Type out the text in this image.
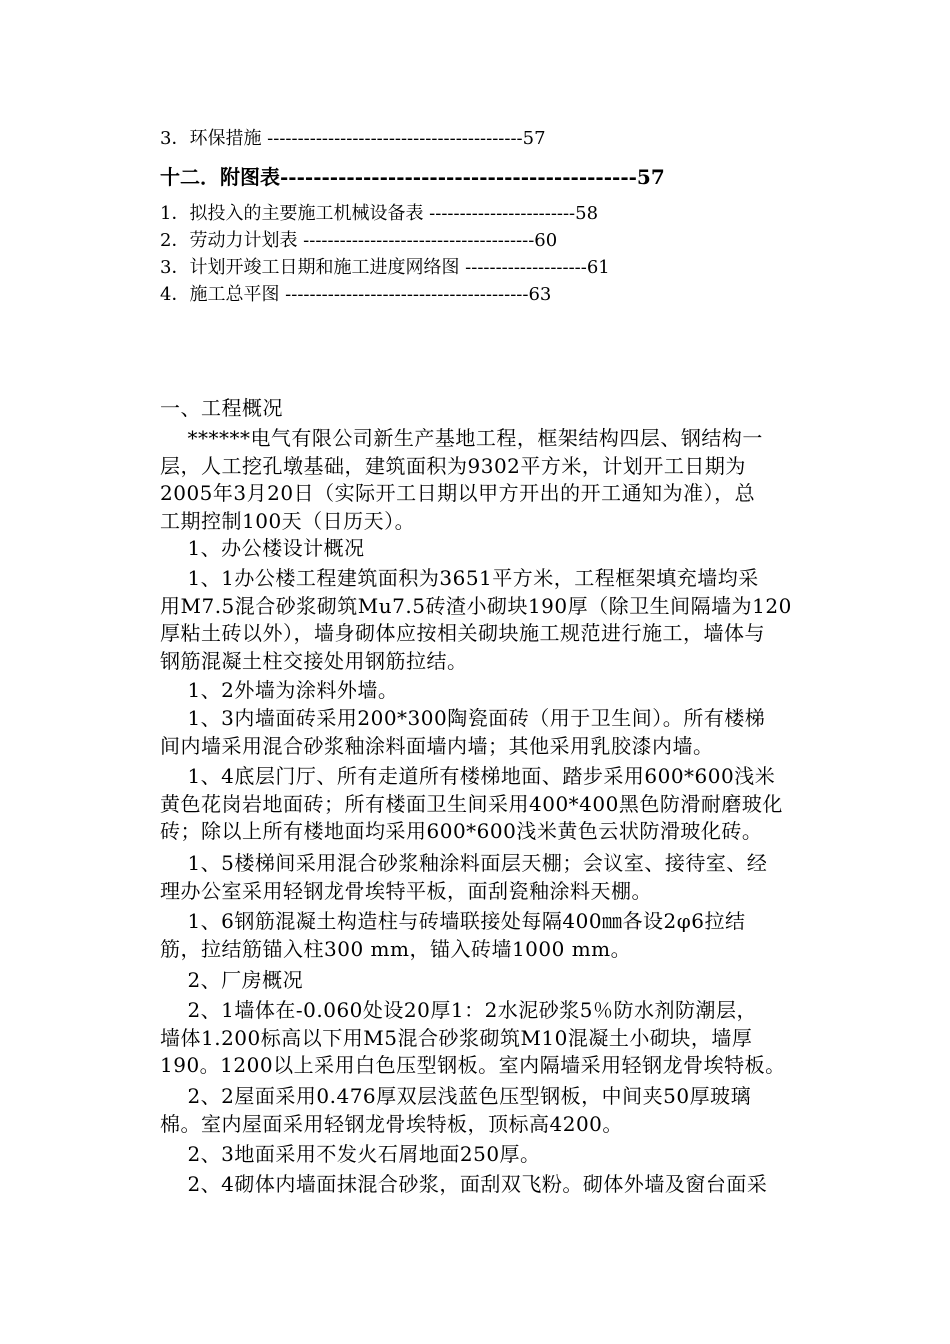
3．环保措施 ------------------------------------------57
十二．附图表-------------------------------------------57
1．拟投入的主要施工机械设备表 ------------------------58
2．劳动力计划表 --------------------------------------60
3．计划开竣工日期和施工进度网络图 --------------------61
4．施工总平图 ----------------------------------------63
一、工程概况
******电气有限公司新生产基地工程，框架结构四层、钢结构一
层，人工挖孔墩基础，建筑面积为9302平方米，计划开工日期为
2005年3月20日（实际开工日期以甲方开出的开工通知为准），总
工期控制100天（日历天）。
1、办公楼设计概况
1、1办公楼工程建筑面积为3651平方米，工程框架填充墙均采
用M7.5混合砂浆砌筑Mu7.5砖渣小砌块190厚（除卫生间隔墙为120
厚粘土砖以外），墙身砌体应按相关砌块施工规范进行施工，墙体与
钢筋混凝土柱交接处用钢筋拉结。
1、2外墙为涂料外墙。
1、3内墙面砖采用200*300陶瓷面砖（用于卫生间）。所有楼梯
间内墙采用混合砂浆釉涂料面墙内墙；其他采用乳胶漆内墙。
1、4底层门厅、所有走道所有楼梯地面、踏步采用600*600浅米
黄色花岗岩地面砖；所有楼面卫生间采用400*400黑色防滑耐磨玻化
砖；除以上所有楼地面均采用600*600浅米黄色云状防滑玻化砖。
1、5楼梯间采用混合砂浆釉涂料面层天棚；会议室、接待室、经
理办公室采用轻钢龙骨埃特平板，面刮瓷釉涂料天棚。
1、6钢筋混凝土构造柱与砖墙联接处每隔400㎜各设2φ6拉结
筋，拉结筋锚入柱300 mm，锚入砖墙1000 mm。
2、厂房概况
2、1墙体在-0.060处设20厚1：2水泥砂浆5％防水剂防潮层，
墙体1.200标高以下用M5混合砂浆砌筑M10混凝土小砌块，墙厚
190。1200以上采用白色压型钢板。室内隔墙采用轻钢龙骨埃特板。
2、2屋面采用0.476厚双层浅蓝色压型钢板，中间夹50厚玻璃
棉。室内屋面采用轻钢龙骨埃特板，顶标高4200。
2、3地面采用不发火石屑地面250厚。
2、4砌体内墙面抹混合砂浆，面刮双飞粉。砌体外墙及窗台面采
